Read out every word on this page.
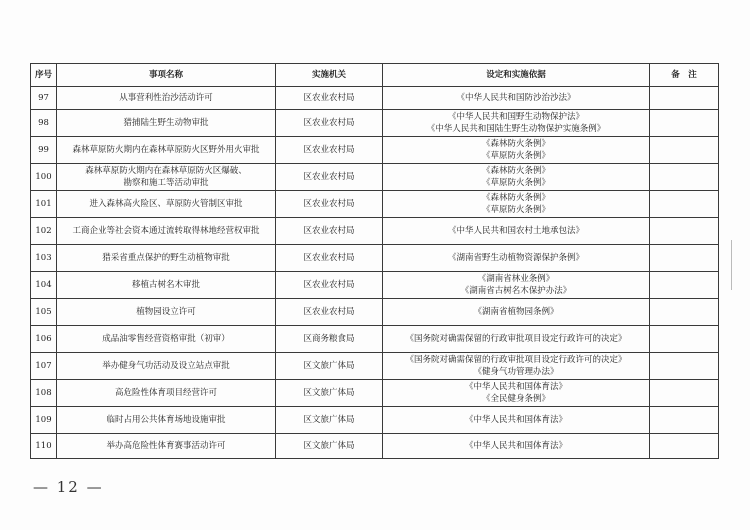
序号	事项名称	实施机关	设定和实施依据	备　注
97	从事营利性治沙活动许可	区农业农村局	《中华人民共和国防沙治沙法》	

98	猎捕陆生野生动物审批	区农业农村局	《中华人民共和国野生动物保护法》
《中华人民共和国陆生野生动物保护实施条例》	

99	森林草原防火期内在森林草原防火区野外用火审批	区农业农村局	《森林防火条例》
《草原防火条例》	

100	森林草原防火期内在森林草原防火区爆破、
勘察和施工等活动审批	区农业农村局	《森林防火条例》
《草原防火条例》	

101	进入森林高火险区、草原防火管制区审批	区农业农村局	《森林防火条例》
《草原防火条例》	

102	工商企业等社会资本通过流转取得林地经营权审批	区农业农村局	《中华人民共和国农村土地承包法》	

103	猎采省重点保护的野生动植物审批	区农业农村局	《湖南省野生动植物资源保护条例》	

104	移植古树名木审批	区农业农村局	《湖南省林业条例》
《湖南省古树名木保护办法》	

105	植物园设立许可	区农业农村局	《湖南省植物园条例》	

106	成品油零售经营资格审批（初审）	区商务粮食局	《国务院对确需保留的行政审批项目设定行政许可的决定》	

107	举办健身气功活动及设立站点审批	区文旅广体局	《国务院对确需保留的行政审批项目设定行政许可的决定》
《健身气功管理办法》	

108	高危险性体育项目经营许可	区文旅广体局	《中华人民共和国体育法》
《全民健身条例》	

109	临时占用公共体育场地设施审批	区文旅广体局	《中华人民共和国体育法》	

110	举办高危险性体育赛事活动许可	区文旅广体局	《中华人民共和国体育法》	

— 12 —
